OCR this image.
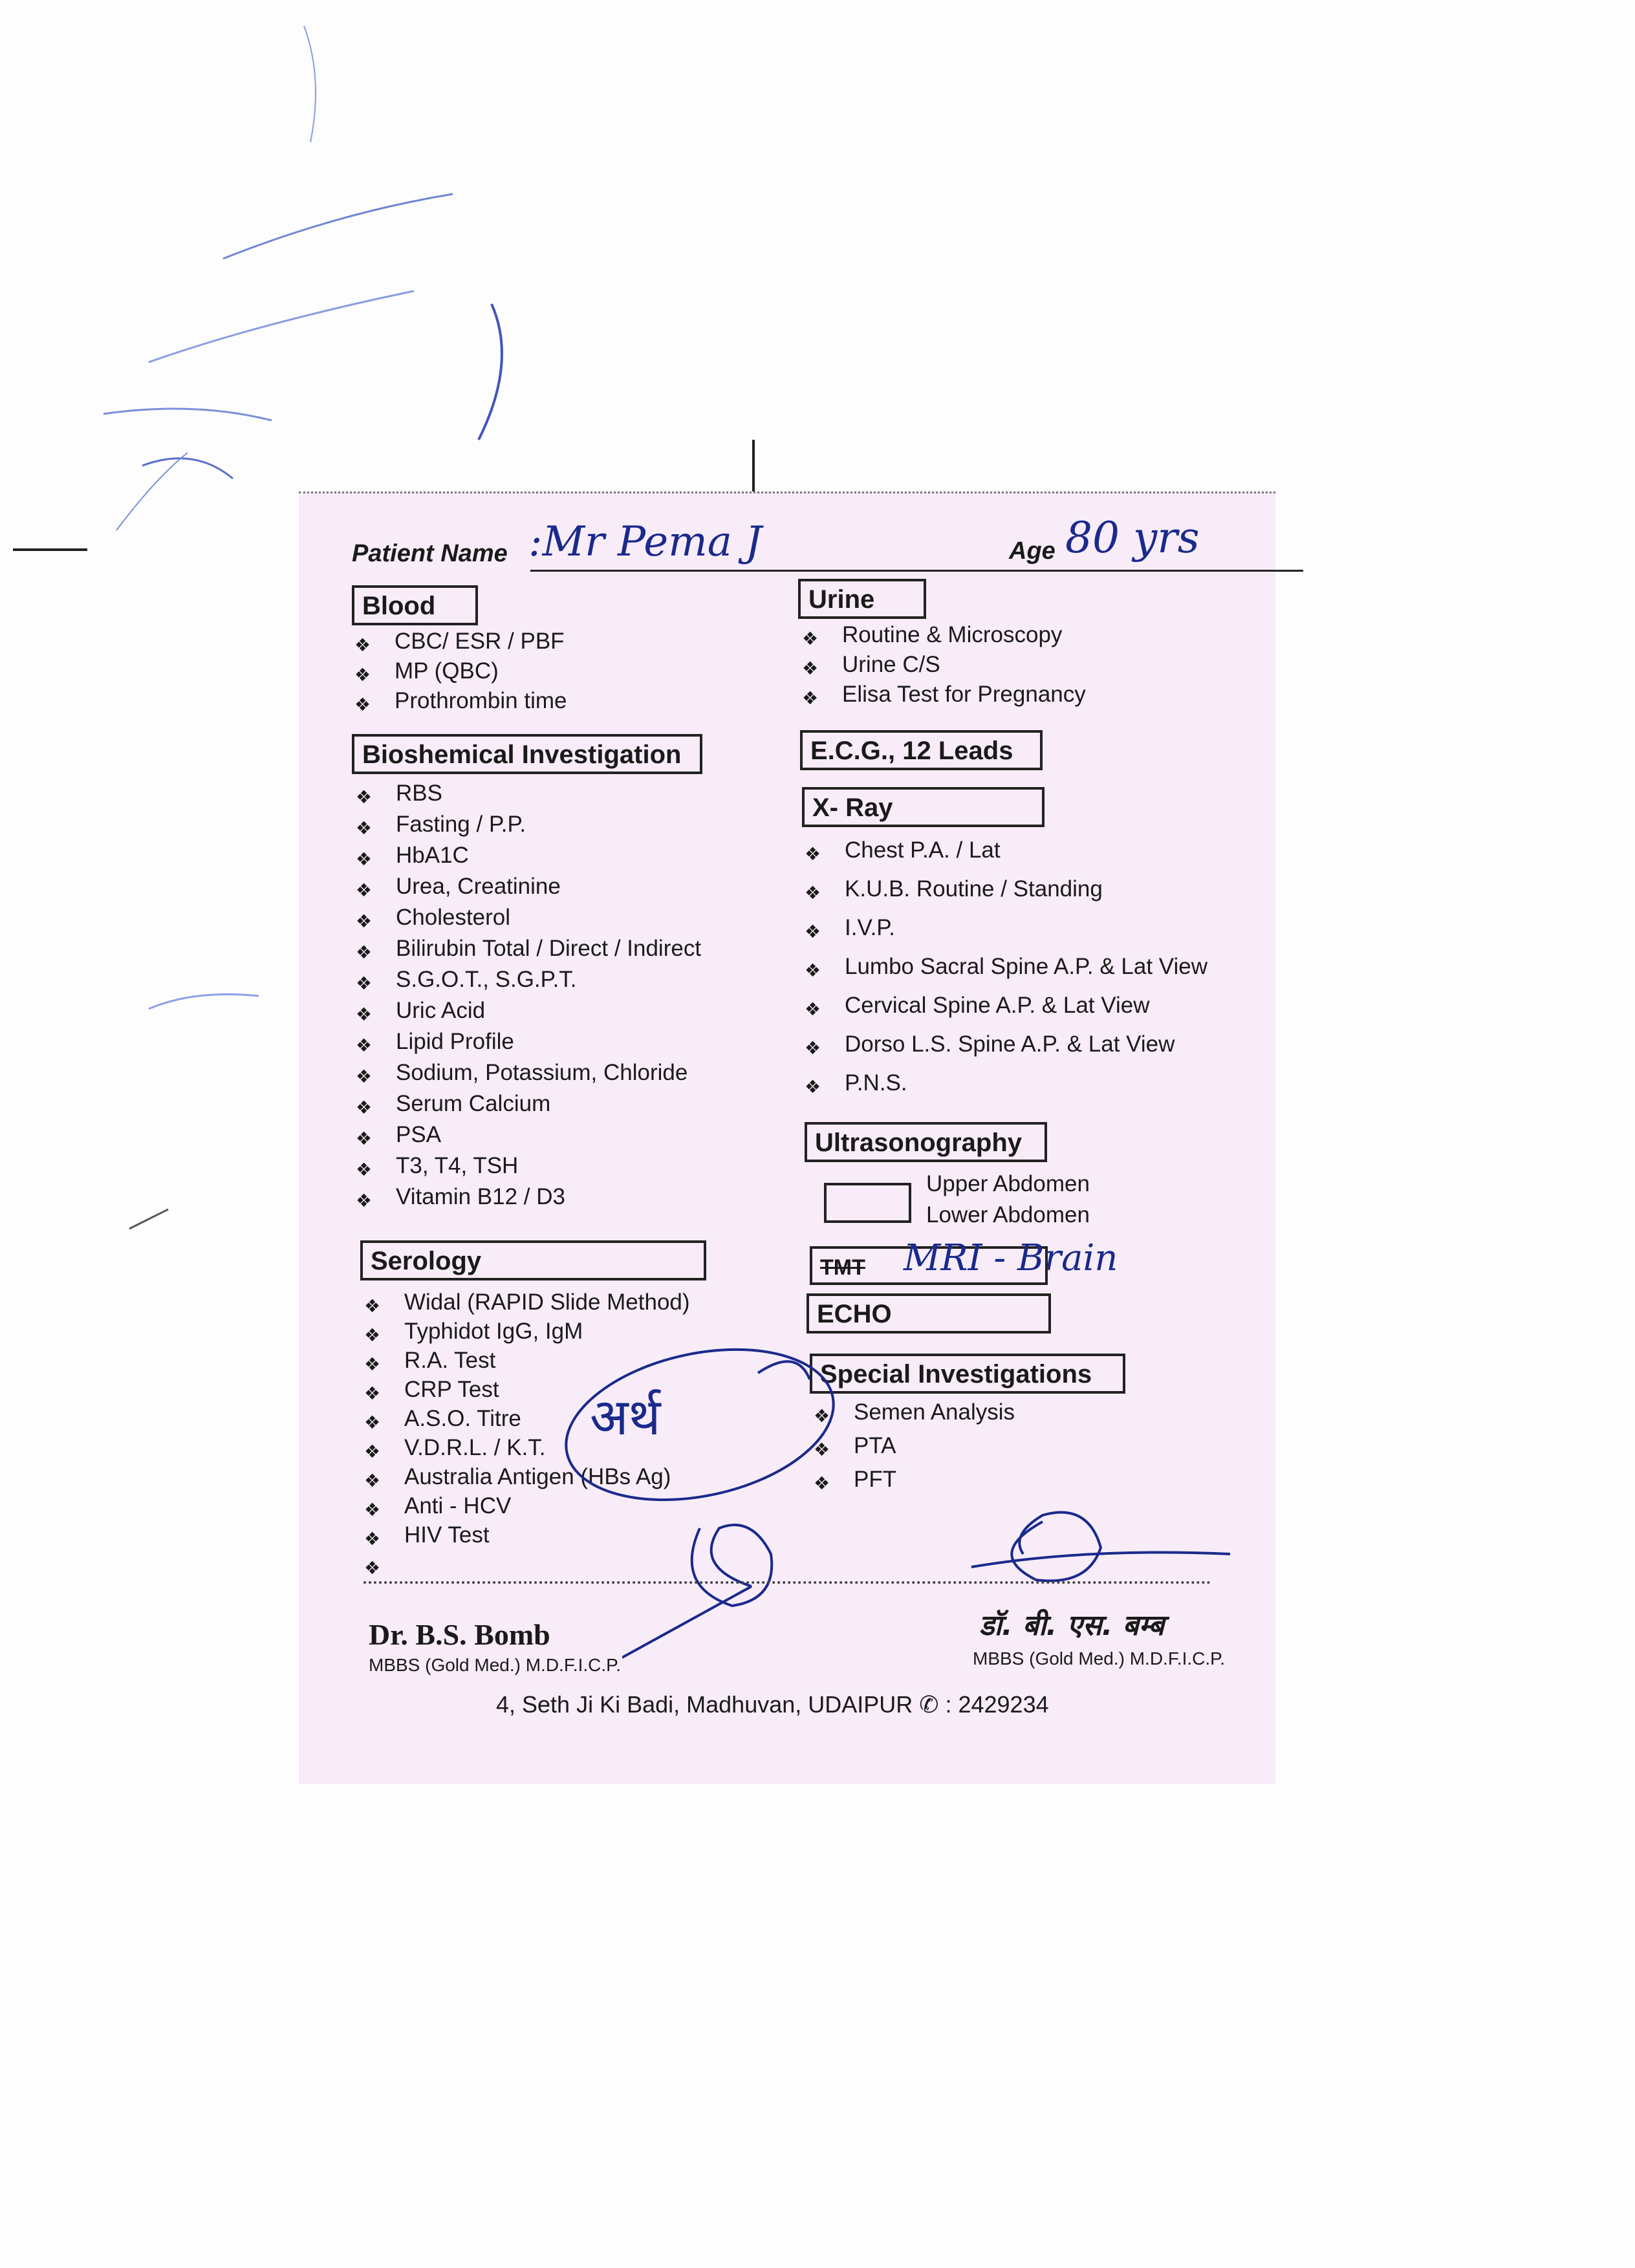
Patient Name :Mr Pema J	Age 80 yrs
Blood
❖ CBC/ ESR / PBF
❖ MP (QBC)
❖ Prothrombin time
Bioshemical Investigation
❖ RBS
❖ Fasting / P.P.
❖ HbA1C
❖ Urea, Creatinine
❖ Cholesterol
❖ Bilirubin Total / Direct / Indirect
❖ S.G.O.T., S.G.P.T.
❖ Uric Acid
❖ Lipid Profile
❖ Sodium, Potassium, Chloride
❖ Serum Calcium
❖ PSA
❖ T3, T4, TSH
❖ Vitamin B12 / D3
Serology
❖ Widal (RAPID Slide Method)
❖ Typhidot IgG, IgM
❖ R.A. Test
❖ CRP Test
❖ A.S.O. Titre
❖ V.D.R.L. / K.T.
❖ Australia Antigen (HBs Ag)
❖ Anti - HCV
❖ HIV Test
Urine
❖ Routine & Microscopy
❖ Urine C/S
❖ Elisa Test for Pregnancy
E.C.G., 12 Leads
X- Ray
❖ Chest P.A. / Lat
❖ K.U.B. Routine / Standing
❖ I.V.P.
❖ Lumbo Sacral Spine A.P. & Lat View
❖ Cervical Spine A.P. & Lat View
❖ Dorso L.S. Spine A.P. & Lat View
❖ P.N.S.
Ultrasonography
Upper Abdomen
Lower Abdomen
TMT	MRI - Brain
ECHO
Special Investigations
❖ Semen Analysis
❖ PTA
❖ PFT
अर्थ
Dr. B.S. Bomb
MBBS (Gold Med.) M.D.F.I.C.P.
डॉ. बी. एस. बम्ब
MBBS (Gold Med.) M.D.F.I.C.P.
4, Seth Ji Ki Badi, Madhuvan, UDAIPUR ✆ : 2429234
